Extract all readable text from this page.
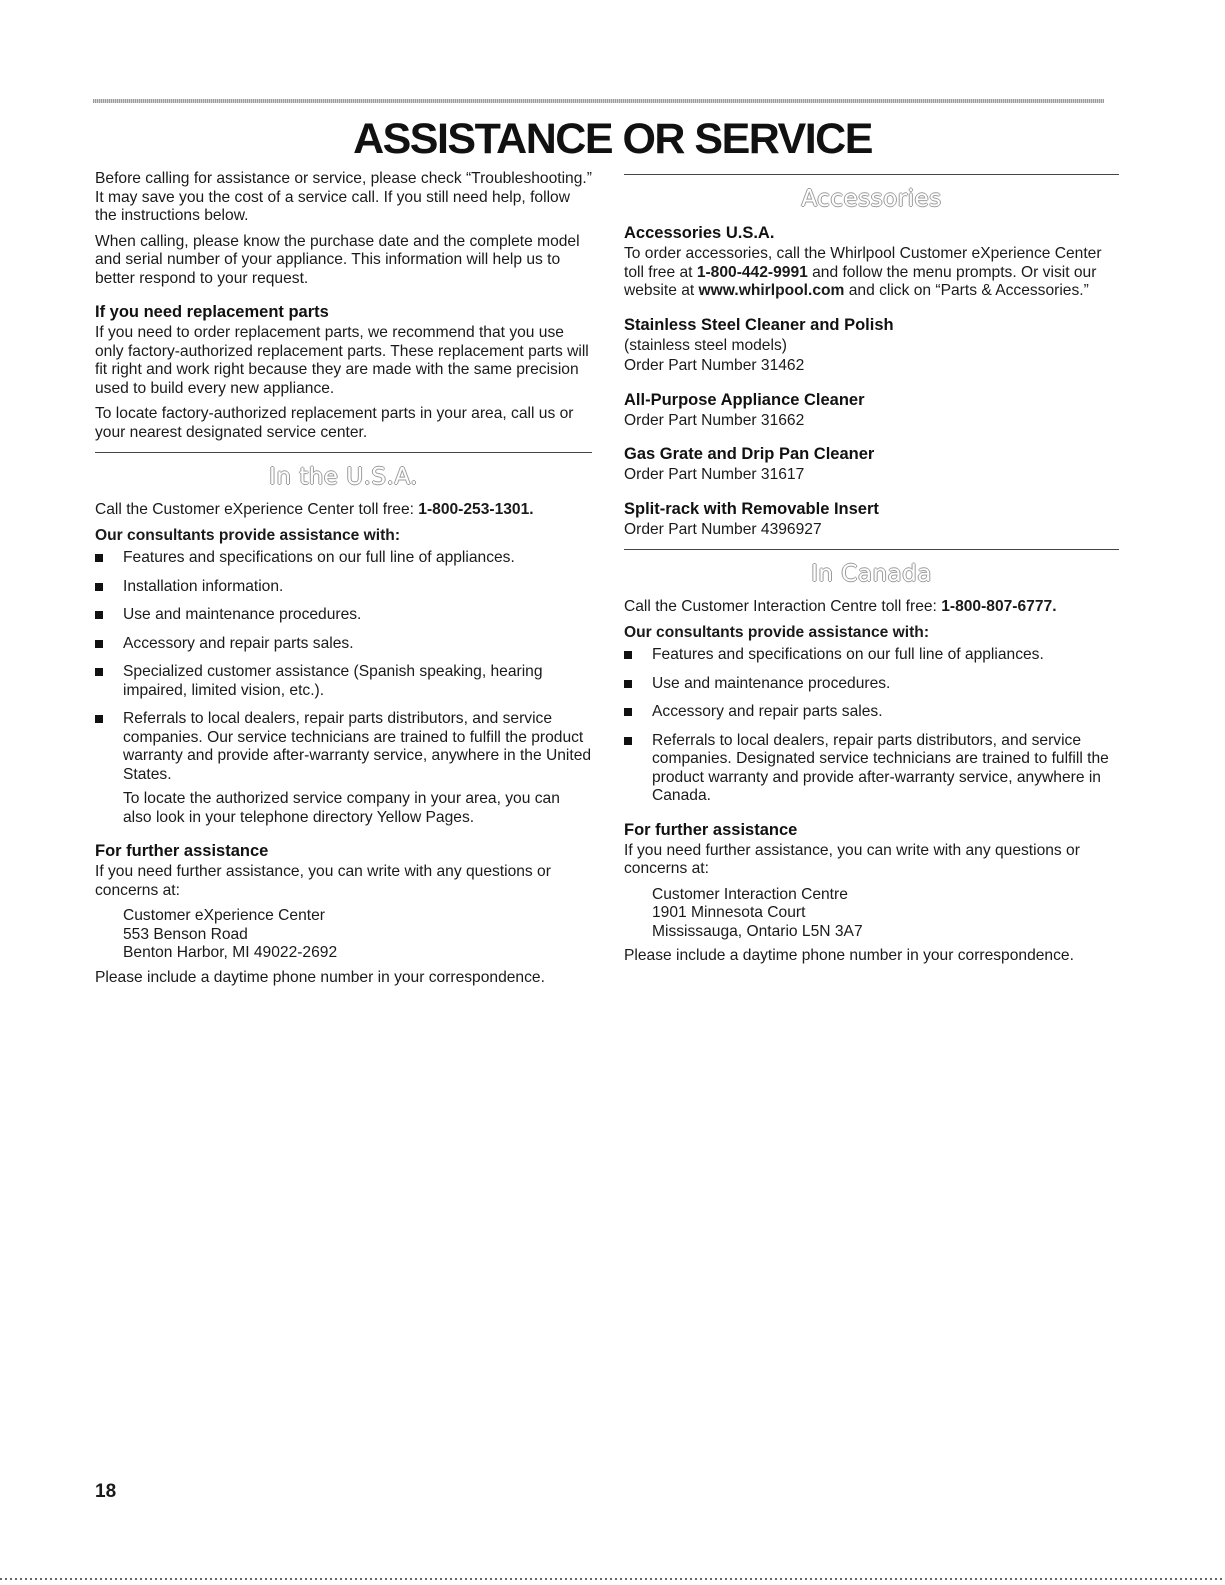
ASSISTANCE OR SERVICE

Before calling for assistance or service, please check “Troubleshooting.” It may save you the cost of a service call. If you still need help, follow the instructions below.

When calling, please know the purchase date and the complete model and serial number of your appliance. This information will help us to better respond to your request.

If you need replacement parts

If you need to order replacement parts, we recommend that you use only factory-authorized replacement parts. These replacement parts will fit right and work right because they are made with the same precision used to build every new appliance.

To locate factory-authorized replacement parts in your area, call us or your nearest designated service center.

In the U.S.A.

Call the Customer eXperience Center toll free: 1-800-253-1301.

Our consultants provide assistance with:
Features and specifications on our full line of appliances.
Installation information.
Use and maintenance procedures.
Accessory and repair parts sales.
Specialized customer assistance (Spanish speaking, hearing impaired, limited vision, etc.).
Referrals to local dealers, repair parts distributors, and service companies. Our service technicians are trained to fulfill the product warranty and provide after-warranty service, anywhere in the United States.

To locate the authorized service company in your area, you can also look in your telephone directory Yellow Pages.

For further assistance

If you need further assistance, you can write with any questions or concerns at:

Customer eXperience Center
553 Benson Road
Benton Harbor, MI 49022-2692

Please include a daytime phone number in your correspondence.

Accessories
Accessories U.S.A.

To order accessories, call the Whirlpool Customer eXperience Center toll free at 1-800-442-9991 and follow the menu prompts. Or visit our website at www.whirlpool.com and click on “Parts & Accessories.”

Stainless Steel Cleaner and Polish

(stainless steel models)

Order Part Number 31462

All-Purpose Appliance Cleaner

Order Part Number 31662

Gas Grate and Drip Pan Cleaner

Order Part Number 31617

Split-rack with Removable Insert

Order Part Number 4396927

In Canada

Call the Customer Interaction Centre toll free: 1-800-807-6777.

Our consultants provide assistance with:
Features and specifications on our full line of appliances.
Use and maintenance procedures.
Accessory and repair parts sales.
Referrals to local dealers, repair parts distributors, and service companies. Designated service technicians are trained to fulfill the product warranty and provide after-warranty service, anywhere in Canada.
For further assistance

If you need further assistance, you can write with any questions or concerns at:

Customer Interaction Centre
1901 Minnesota Court
Mississauga, Ontario L5N 3A7

Please include a daytime phone number in your correspondence.

18
